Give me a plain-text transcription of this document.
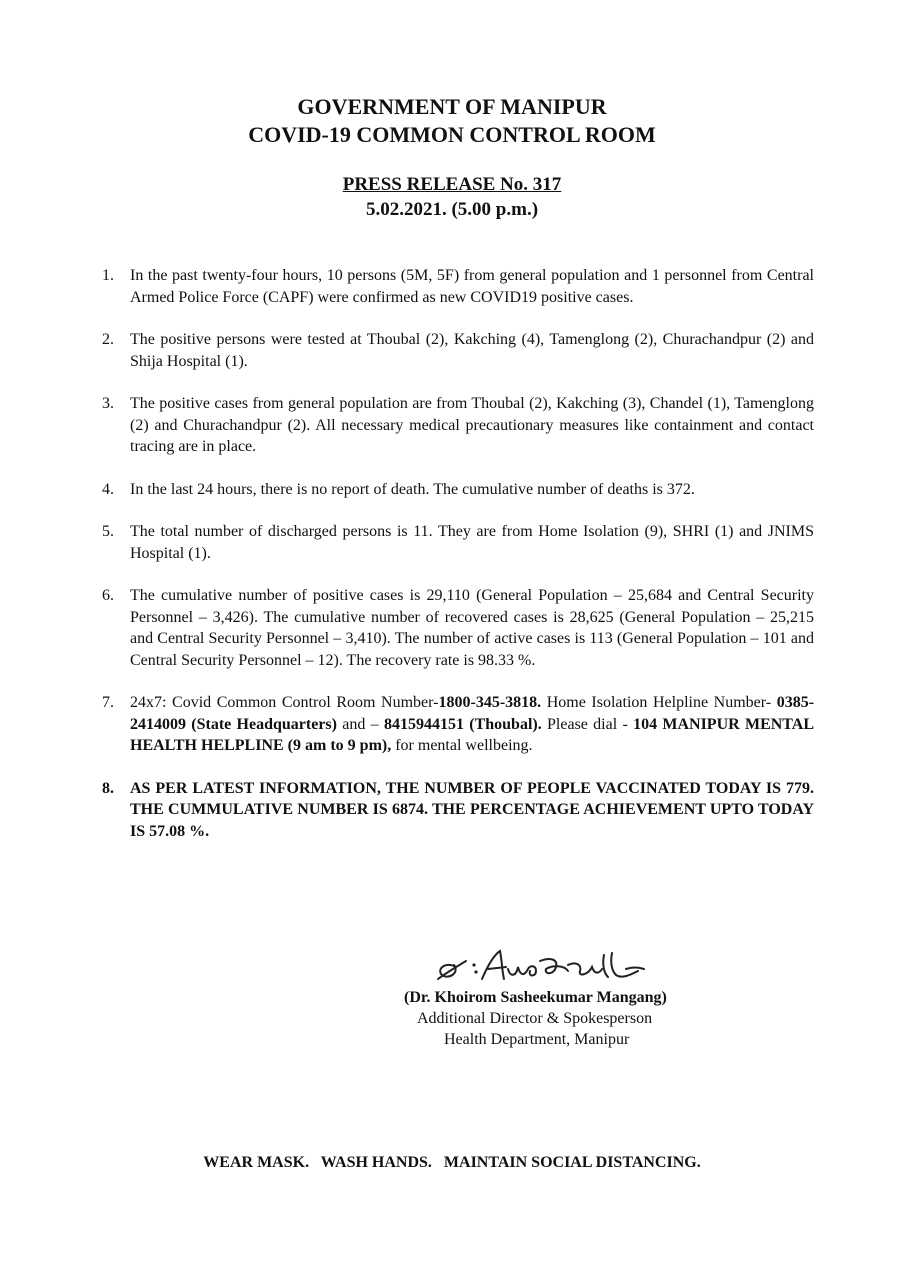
GOVERNMENT OF MANIPUR
COVID-19 COMMON CONTROL ROOM
PRESS RELEASE No. 317
5.02.2021. (5.00 p.m.)
1. In the past twenty-four hours, 10 persons (5M, 5F) from general population and 1 personnel from Central Armed Police Force (CAPF) were confirmed as new COVID19 positive cases.
2. The positive persons were tested at Thoubal (2), Kakching (4), Tamenglong (2), Churachandpur (2) and Shija Hospital (1).
3. The positive cases from general population are from Thoubal (2), Kakching (3), Chandel (1), Tamenglong (2) and Churachandpur (2). All necessary medical precautionary measures like containment and contact tracing are in place.
4. In the last 24 hours, there is no report of death. The cumulative number of deaths is 372.
5. The total number of discharged persons is 11. They are from Home Isolation (9), SHRI (1) and JNIMS Hospital (1).
6. The cumulative number of positive cases is 29,110 (General Population – 25,684 and Central Security Personnel – 3,426). The cumulative number of recovered cases is 28,625 (General Population – 25,215 and Central Security Personnel – 3,410). The number of active cases is 113 (General Population – 101 and Central Security Personnel – 12). The recovery rate is 98.33 %.
7. 24x7: Covid Common Control Room Number-1800-345-3818. Home Isolation Helpline Number- 0385-2414009 (State Headquarters) and – 8415944151 (Thoubal). Please dial - 104 MANIPUR MENTAL HEALTH HELPLINE (9 am to 9 pm), for mental wellbeing.
8. AS PER LATEST INFORMATION, THE NUMBER OF PEOPLE VACCINATED TODAY IS 779. THE CUMMULATIVE NUMBER IS 6874. THE PERCENTAGE ACHIEVEMENT UPTO TODAY IS 57.08 %.
(Dr. Khoirom Sasheekumar Mangang)
Additional Director & Spokesperson
Health Department, Manipur
WEAR MASK.   WASH HANDS.   MAINTAIN SOCIAL DISTANCING.
